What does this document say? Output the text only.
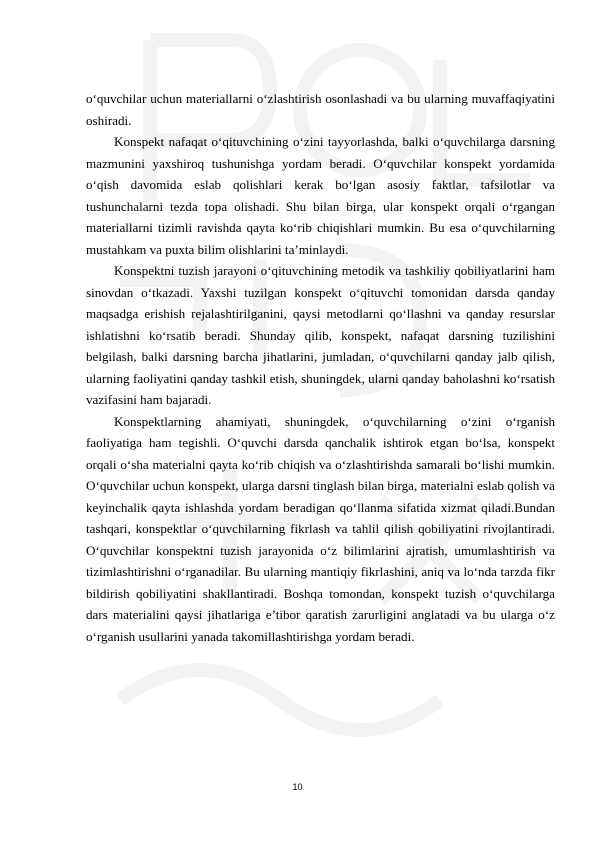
o‘quvchilar uchun materiallarni o‘zlashtirish osonlashadi va bu ularning muvaffaqiyatini oshiradi.

Konspekt nafaqat o‘qituvchining o‘zini tayyorlashda, balki o‘quvchilarga darsning mazmunini yaxshiroq tushunishga yordam beradi. O‘quvchilar konspekt yordamida o‘qish davomida eslab qolishlari kerak bo‘lgan asosiy faktlar, tafsilotlar va tushunchalarni tezda topa olishadi. Shu bilan birga, ular konspekt orqali o‘rgangan materiallarni tizimli ravishda qayta ko‘rib chiqishlari mumkin. Bu esa o‘quvchilarning mustahkam va puxta bilim olishlarini ta’minlaydi.

Konspektni tuzish jarayoni o‘qituvchining metodik va tashkiliy qobiliyatlarini ham sinovdan o‘tkazadi. Yaxshi tuzilgan konspekt o‘qituvchi tomonidan darsda qanday maqsadga erishish rejalashtirilganini, qaysi metodlarni qo‘llashni va qanday resurslar ishlatishni ko‘rsatib beradi. Shunday qilib, konspekt, nafaqat darsning tuzilishini belgilash, balki darsning barcha jihatlarini, jumladan, o‘quvchilarni qanday jalb qilish, ularning faoliyatini qanday tashkil etish, shuningdek, ularni qanday baholashni ko‘rsatish vazifasini ham bajaradi.

Konspektlarning ahamiyati, shuningdek, o‘quvchilarning o‘zini o‘rganish faoliyatiga ham tegishli. O‘quvchi darsda qanchalik ishtirok etgan bo‘lsa, konspekt orqali o‘sha materialni qayta ko‘rib chiqish va o‘zlashtirishda samarali bo‘lishi mumkin. O‘quvchilar uchun konspekt, ularga darsni tinglash bilan birga, materialni eslab qolish va keyinchalik qayta ishlashda yordam beradigan qo‘llanma sifatida xizmat qiladi.Bundan tashqari, konspektlar o‘quvchilarning fikrlash va tahlil qilish qobiliyatini rivojlantiradi. O‘quvchilar konspektni tuzish jarayonida o‘z bilimlarini ajratish, umumlashtirish va tizimlashtirishni o‘rganadilar. Bu ularning mantiqiy fikrlashini, aniq va lo‘nda tarzda fikr bildirish qobiliyatini shakllantiradi. Boshqa tomondan, konspekt tuzish o‘quvchilarga dars materialini qaysi jihatlariga e’tibor qaratish zarurligini anglatadi va bu ularga o‘z o‘rganish usullarini yanada takomillashtirishga yordam beradi.

10
